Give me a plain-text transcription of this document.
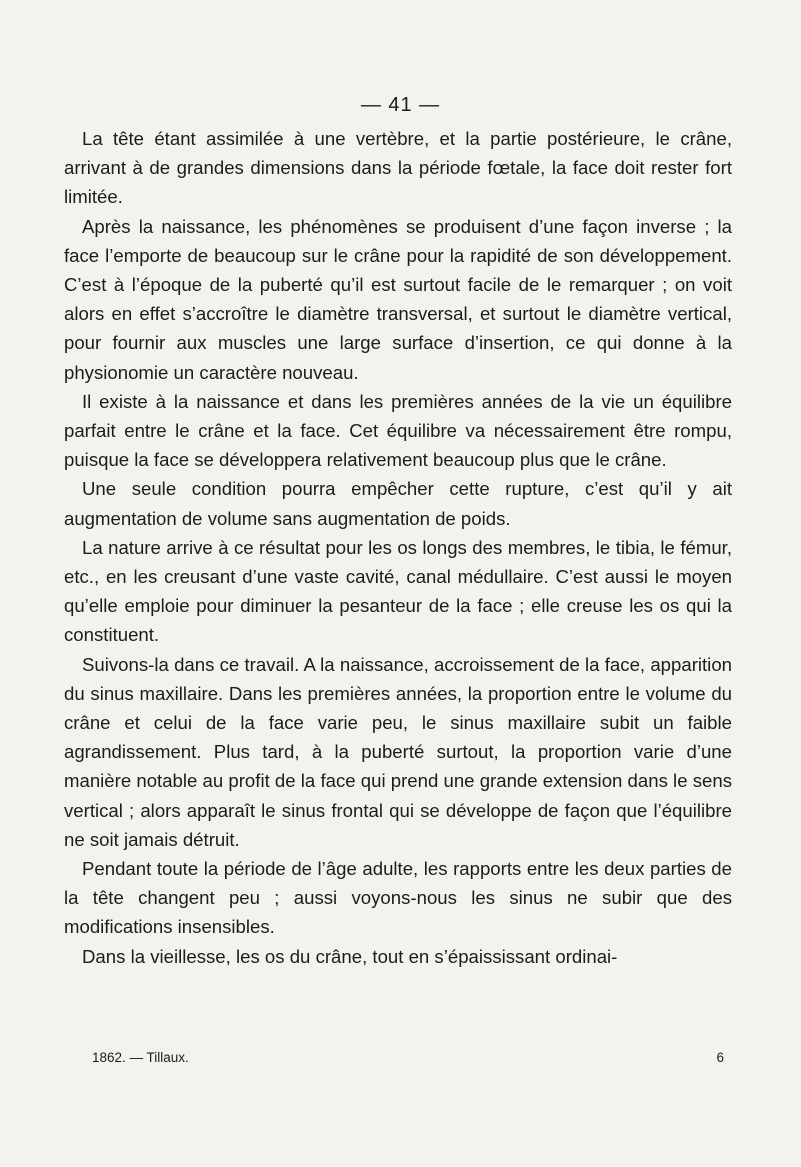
— 41 —

La tête étant assimilée à une vertèbre, et la partie postérieure, le crâne, arrivant à de grandes dimensions dans la période fœtale, la face doit rester fort limitée.

Après la naissance, les phénomènes se produisent d’une façon inverse ; la face l’emporte de beaucoup sur le crâne pour la rapidité de son développement. C’est à l’époque de la puberté qu’il est surtout facile de le remarquer ; on voit alors en effet s’accroître le diamètre transversal, et surtout le diamètre vertical, pour fournir aux muscles une large surface d’insertion, ce qui donne à la physionomie un caractère nouveau.

Il existe à la naissance et dans les premières années de la vie un équilibre parfait entre le crâne et la face. Cet équilibre va nécessairement être rompu, puisque la face se développera relativement beaucoup plus que le crâne.

Une seule condition pourra empêcher cette rupture, c’est qu’il y ait augmentation de volume sans augmentation de poids.

La nature arrive à ce résultat pour les os longs des membres, le tibia, le fémur, etc., en les creusant d’une vaste cavité, canal médullaire. C’est aussi le moyen qu’elle emploie pour diminuer la pesanteur de la face ; elle creuse les os qui la constituent.

Suivons-la dans ce travail. A la naissance, accroissement de la face, apparition du sinus maxillaire. Dans les premières années, la proportion entre le volume du crâne et celui de la face varie peu, le sinus maxillaire subit un faible agrandissement. Plus tard, à la puberté surtout, la proportion varie d’une manière notable au profit de la face qui prend une grande extension dans le sens vertical ; alors apparaît le sinus frontal qui se développe de façon que l’équilibre ne soit jamais détruit.

Pendant toute la période de l’âge adulte, les rapports entre les deux parties de la tête changent peu ; aussi voyons-nous les sinus ne subir que des modifications insensibles.

Dans la vieillesse, les os du crâne, tout en s’épaississant ordinai-

1862. — Tillaux.	6
